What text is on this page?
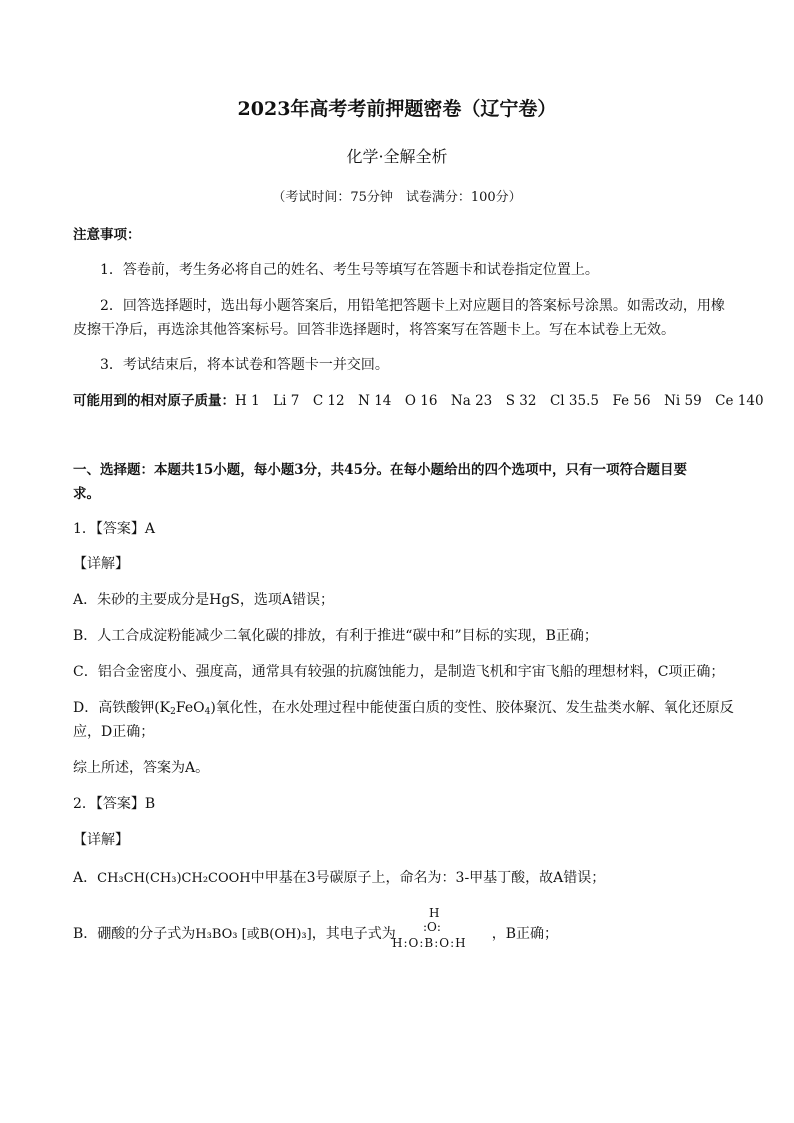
2023年高考考前押题密卷（辽宁卷）
化学·全解全析
（考试时间：75分钟　试卷满分：100分）
注意事项：
1．答卷前，考生务必将自己的姓名、考生号等填写在答题卡和试卷指定位置上。
2．回答选择题时，选出每小题答案后，用铅笔把答题卡上对应题目的答案标号涂黑。如需改动，用橡
皮擦干净后，再选涂其他答案标号。回答非选择题时，将答案写在答题卡上。写在本试卷上无效。
3．考试结束后，将本试卷和答题卡一并交回。
可能用到的相对原子质量：H 1　Li 7　C 12　N 14　O 16　Na 23　S 32　Cl 35.5　Fe 56　Ni 59　Ce 140
一、选择题：本题共15小题，每小题3分，共45分。在每小题给出的四个选项中，只有一项符合题目要
求。
1．【答案】A
【详解】
A．朱砂的主要成分是HgS，选项A错误；
B．人工合成淀粉能减少二氧化碳的排放，有利于推进“碳中和”目标的实现，B正确；
C．铝合金密度小、强度高，通常具有较强的抗腐蚀能力，是制造飞机和宇宙飞船的理想材料，C项正确；
D．高铁酸钾$(K_2FeO_4)$氧化性，在水处理过程中能使蛋白质的变性、胶体聚沉、发生盐类水解、氧化还原反
应，D正确；
综上所述，答案为A。
2．【答案】B
【详解】
A．CH₃CH(CH₃)CH₂COOH中甲基在3号碳原子上，命名为：3-甲基丁酸，故A错误；
B．硼酸的分子式为H₃BO₃ [或B(OH)₃]，其电子式为	，B正确；
H
:O:
H:O:B:O:H
